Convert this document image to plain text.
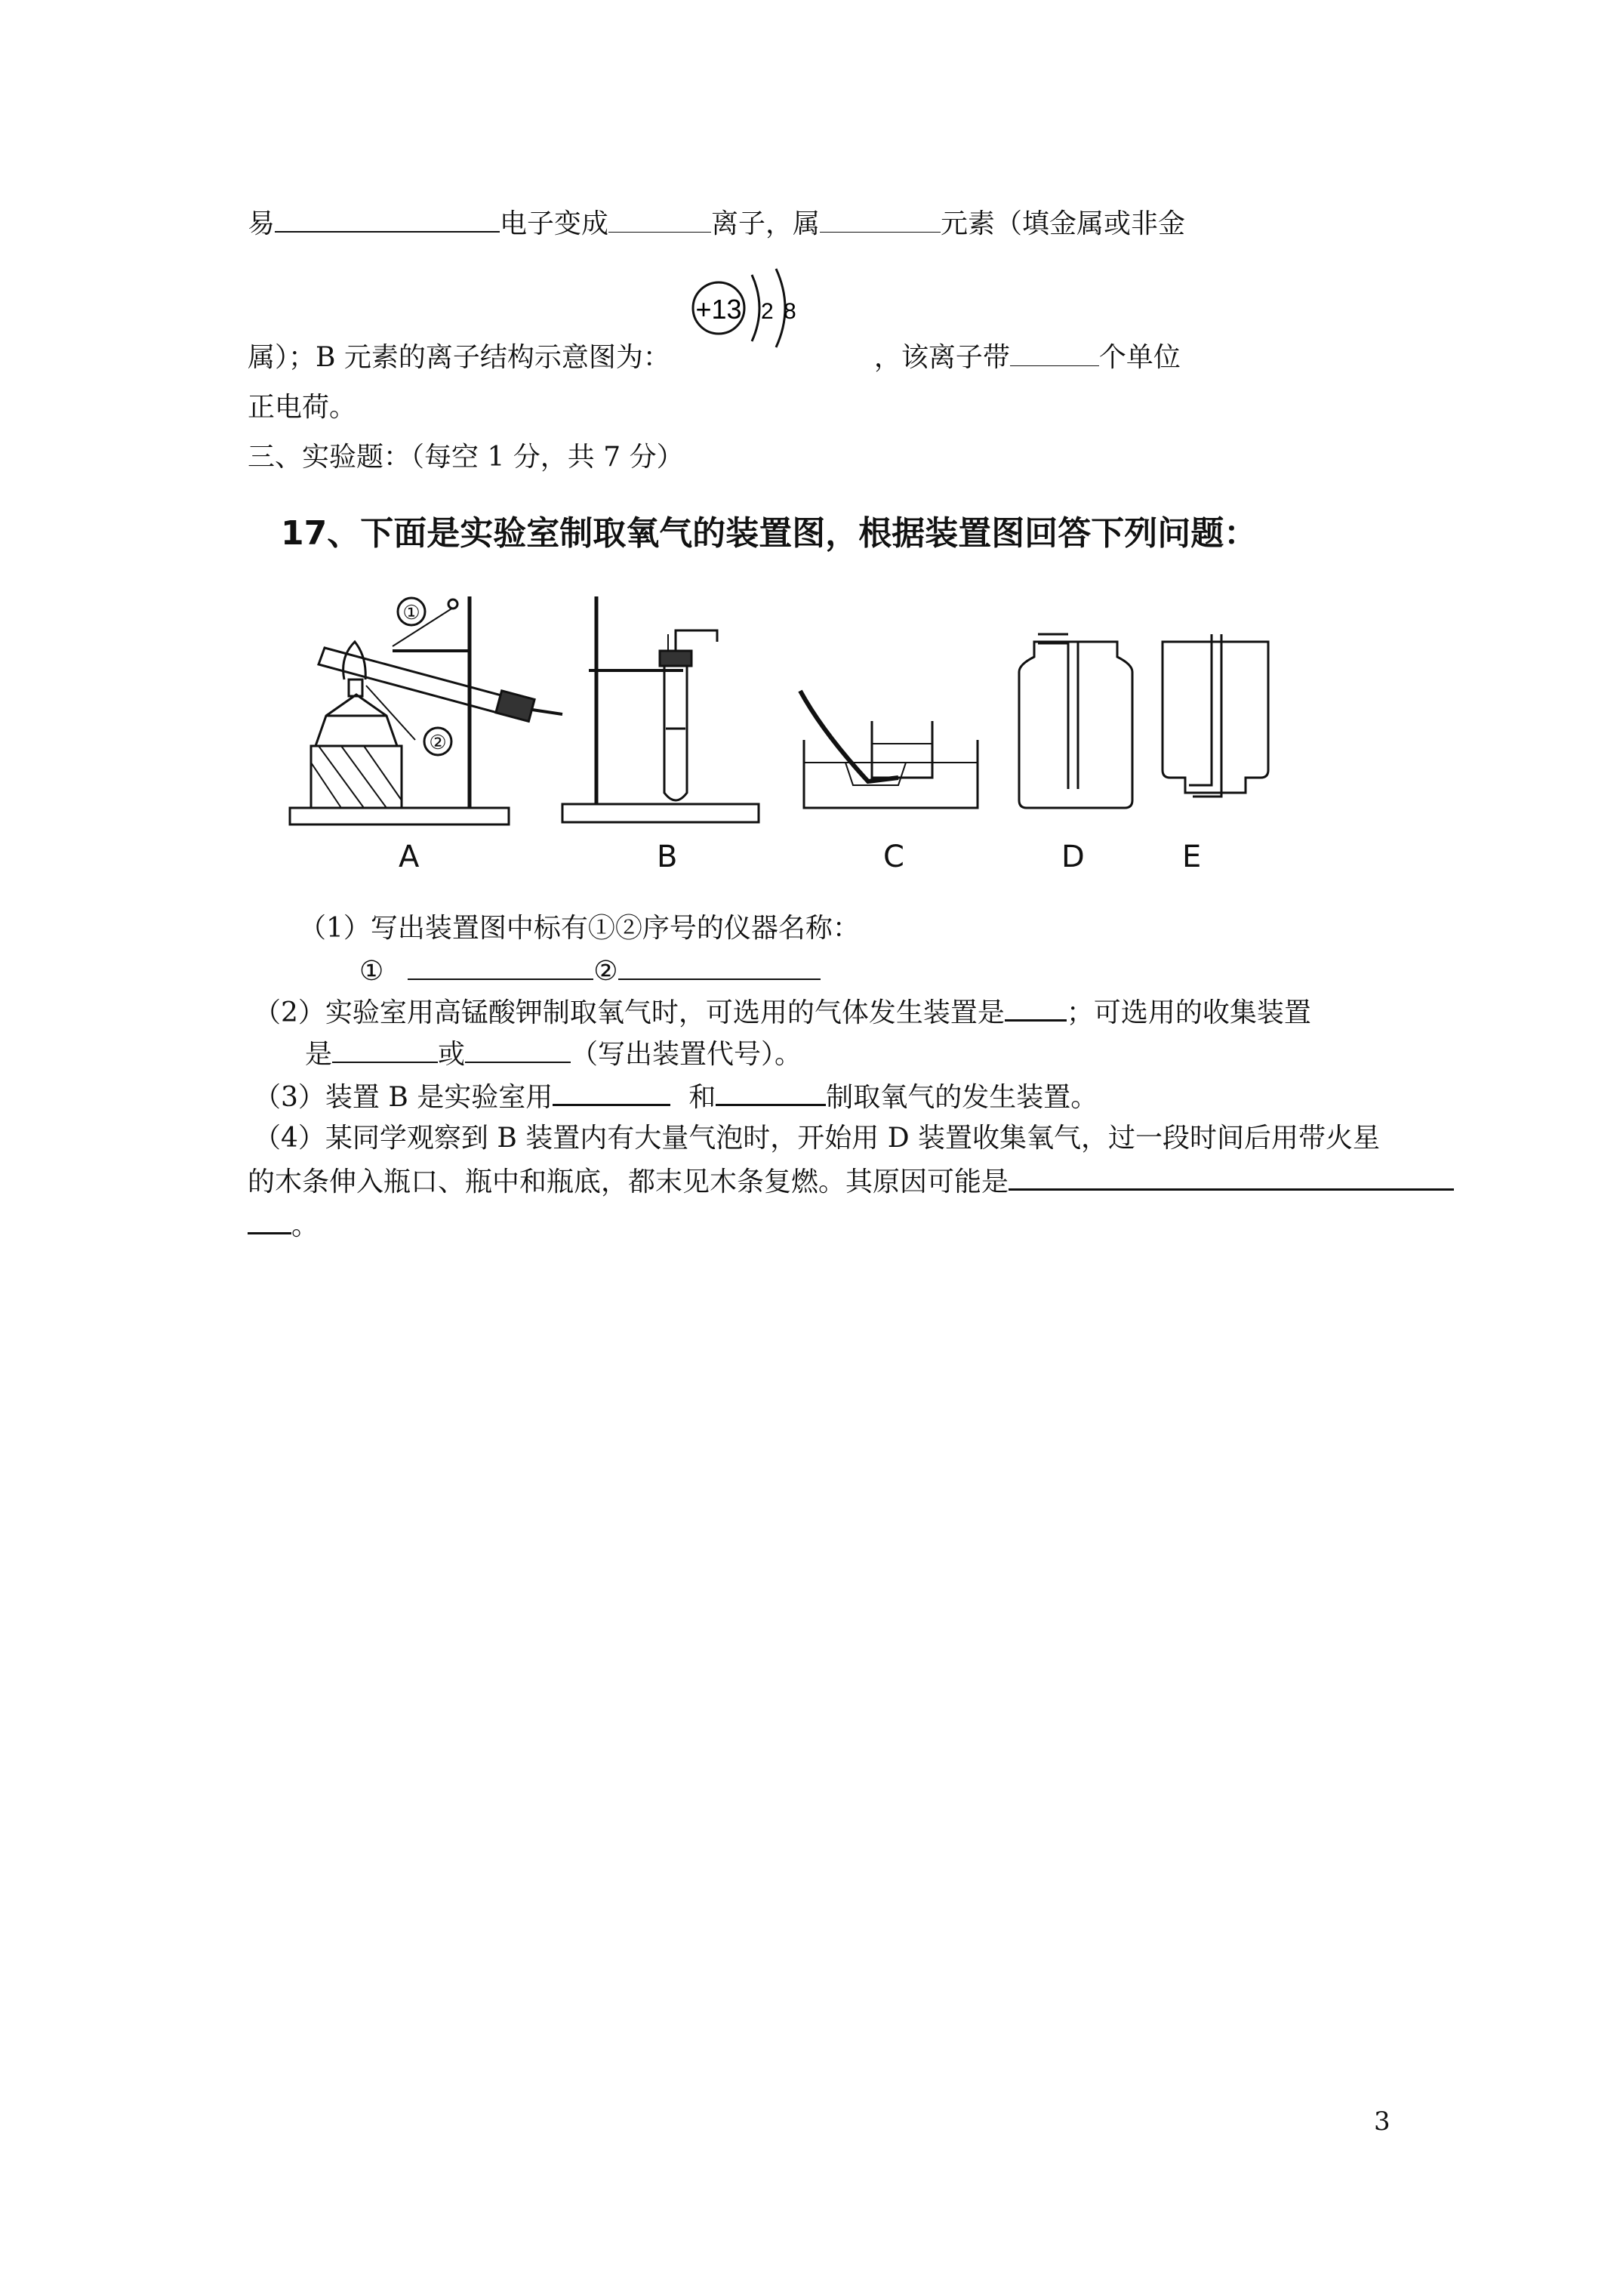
易	电子变成	离子，属	元素（填金属或非金
+13 2 8
属）；B 元素的离子结构示意图为：	，该离子带	个单位
正电荷。
三、实验题：（每空 1 分，共 7 分）
17、下面是实验室制取氧气的装置图，根据装置图回答下列问题：
②
①
A	B	C	D	E
（1）写出装置图中标有①②序号的仪器名称：
①	②
（2）实验室用高锰酸钾制取氧气时，可选用的气体发生装置是 ；可选用的收集装置
是	或	（写出装置代号）。
（3）装置 B 是实验室用	和	制取氧气的发生装置。
（4）某同学观察到 B 装置内有大量气泡时，开始用 D 装置收集氧气，过一段时间后用带火星
的木条伸入瓶口、瓶中和瓶底，都末见木条复燃。其原因可能是
。
3
